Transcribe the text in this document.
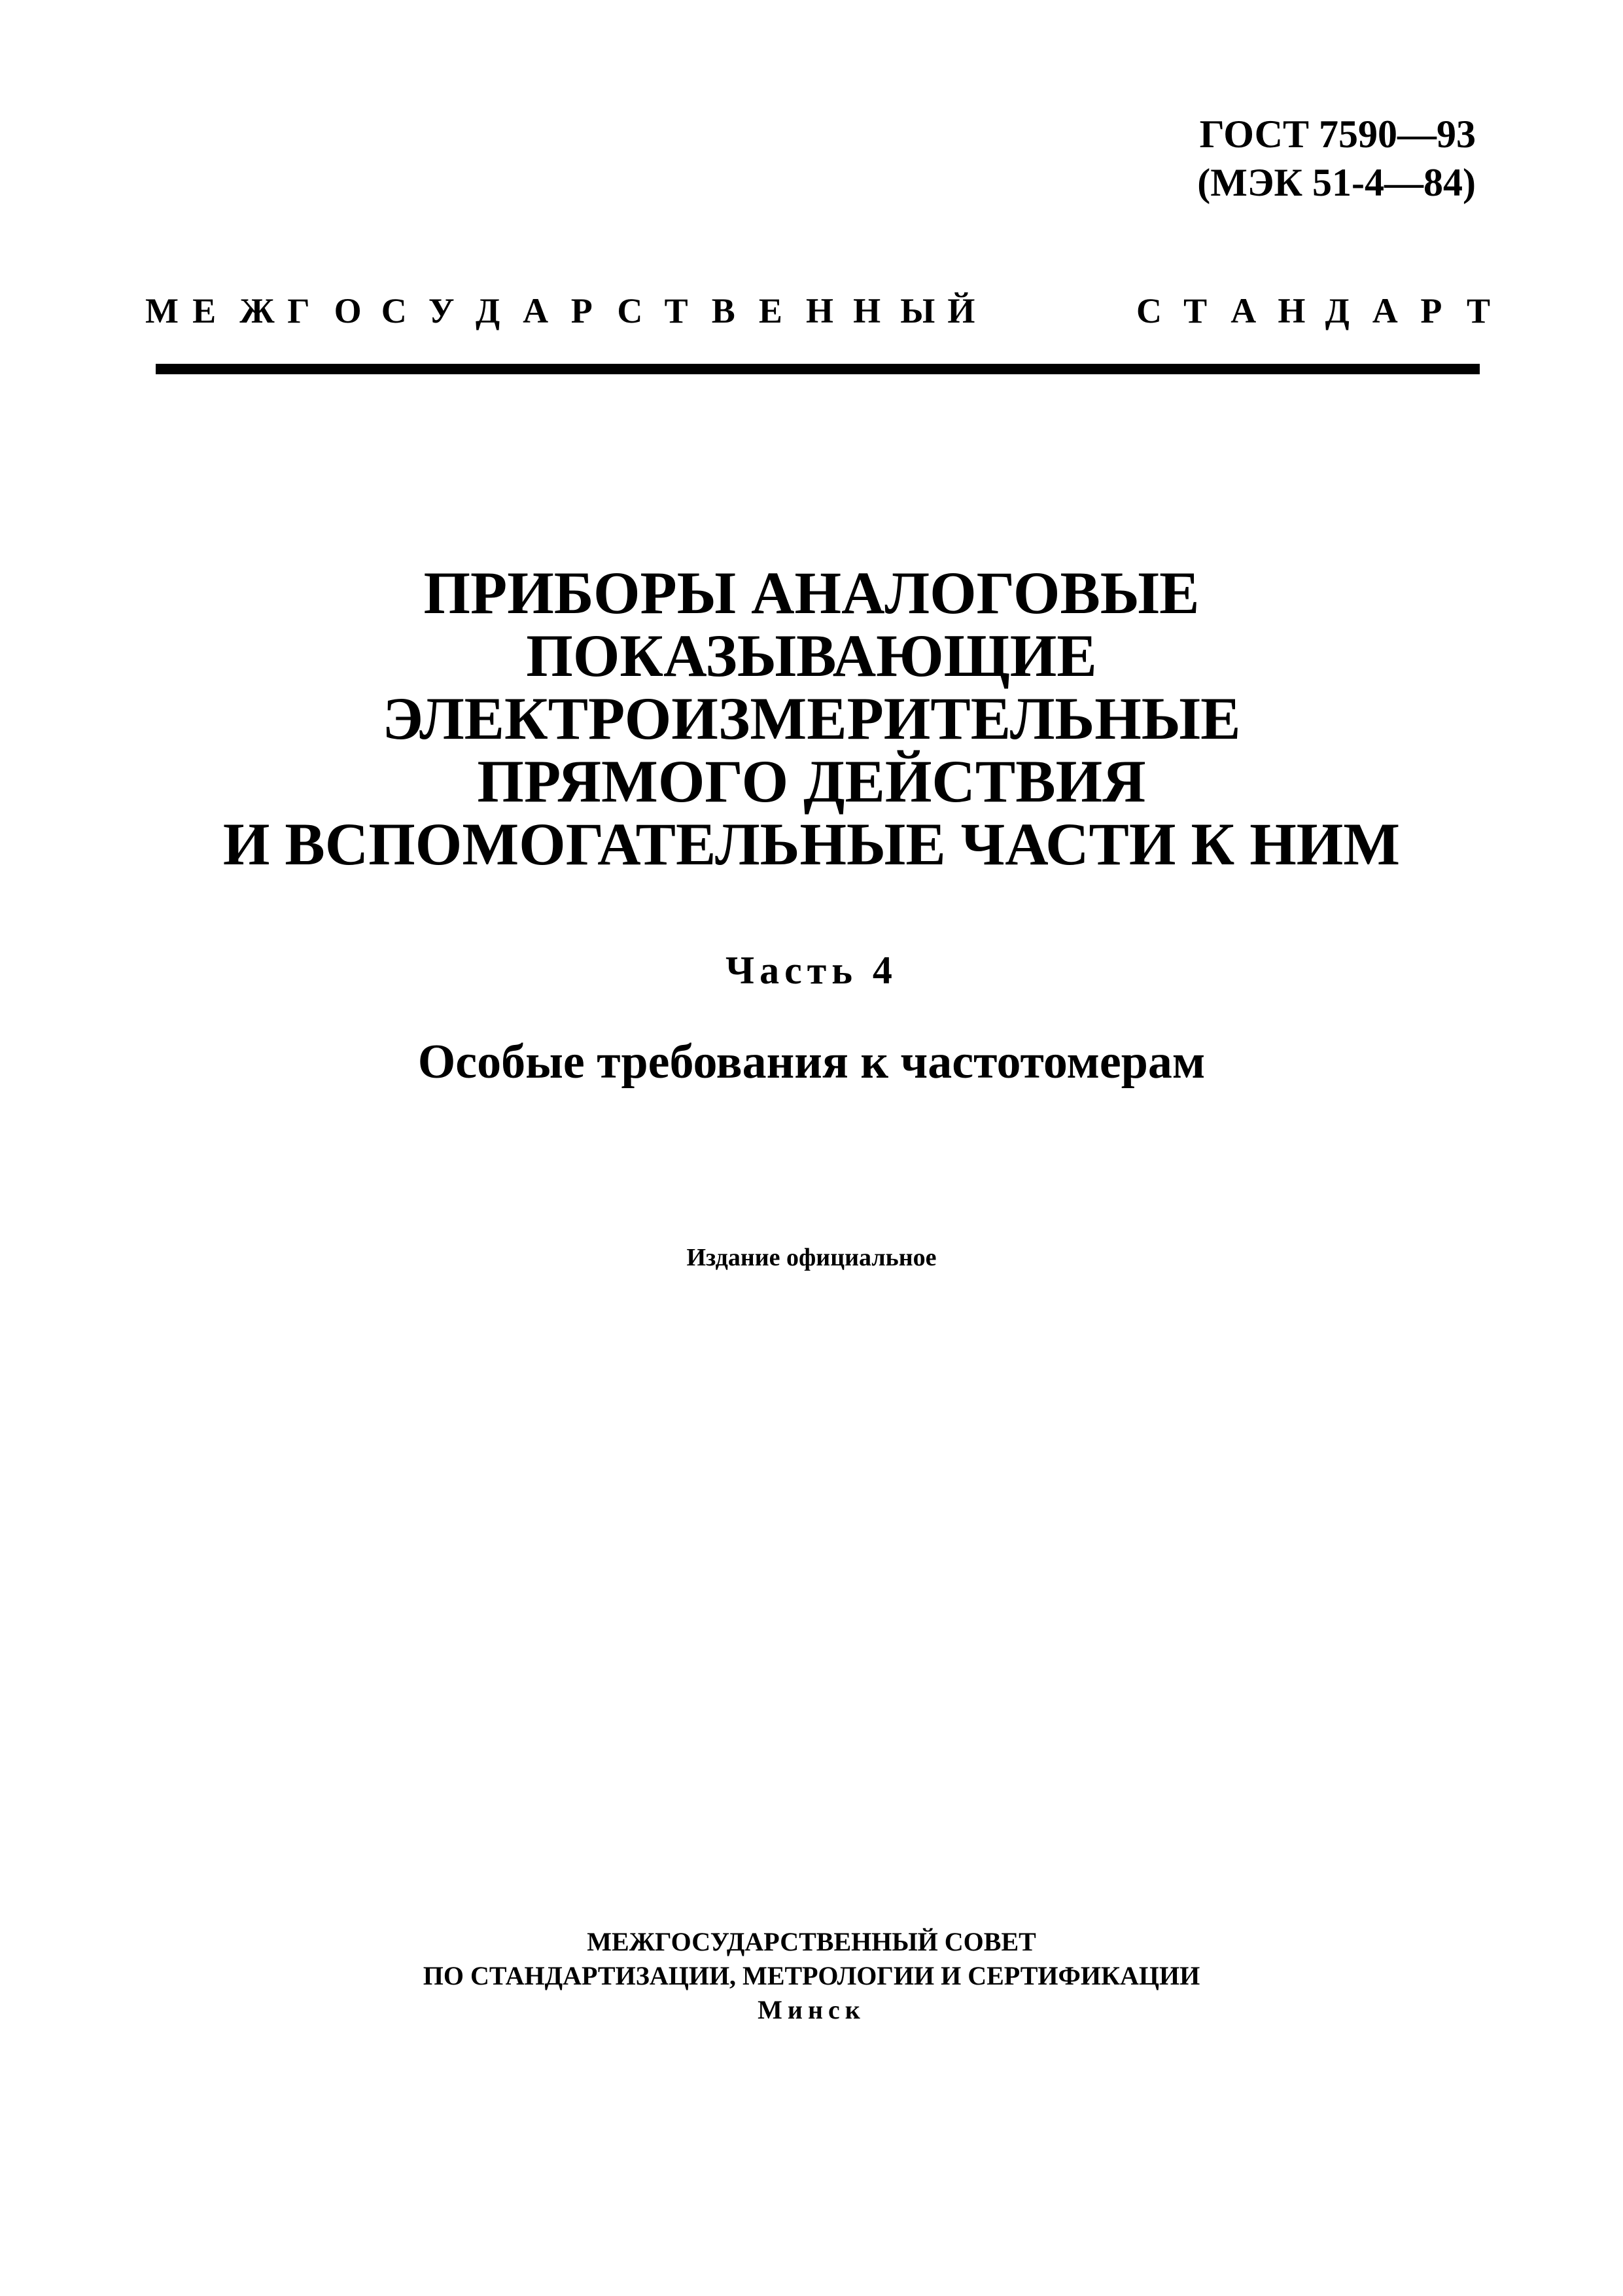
ГОСТ 7590—93
(МЭК 51-4—84)
М Е Ж Г О С У Д А Р С Т В Е Н Н Ы Й	С Т А Н Д А Р Т
ПРИБОРЫ АНАЛОГОВЫЕ
ПОКАЗЫВАЮЩИЕ
ЭЛЕКТРОИЗМЕРИТЕЛЬНЫЕ
ПРЯМОГО ДЕЙСТВИЯ
И ВСПОМОГАТЕЛЬНЫЕ ЧАСТИ К НИМ
Часть 4
Особые требования к частотомерам
Издание официальное
МЕЖГОСУДАРСТВЕННЫЙ СОВЕТ
ПО СТАНДАРТИЗАЦИИ, МЕТРОЛОГИИ И СЕРТИФИКАЦИИ
Минск
